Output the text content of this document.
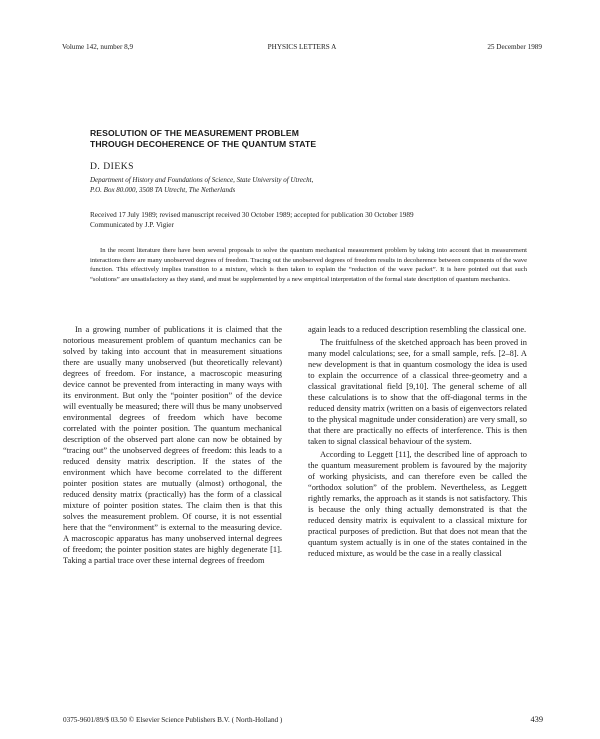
Volume 142, number 8,9	PHYSICS LETTERS A	25 December 1989
RESOLUTION OF THE MEASUREMENT PROBLEM
THROUGH DECOHERENCE OF THE QUANTUM STATE
D. DIEKS
Department of History and Foundations of Science, State University of Utrecht,
P.O. Box 80.000, 3508 TA Utrecht, The Netherlands
Received 17 July 1989; revised manuscript received 30 October 1989; accepted for publication 30 October 1989
Communicated by J.P. Vigier
In the recent literature there have been several proposals to solve the quantum mechanical measurement problem by taking into account that in measurement interactions there are many unobserved degrees of freedom. Tracing out the unobserved degrees of freedom results in decoherence between components of the wave function. This effectively implies transition to a mixture, which is then taken to explain the “reduction of the wave packet”. It is here pointed out that such “solutions” are unsatisfactory as they stand, and must be supplemented by a new empirical interpretation of the formal state description of quantum mechanics.

In a growing number of publications it is claimed that the notorious measurement problem of quantum mechanics can be solved by taking into account that in measurement situations there are usually many unobserved (but theoretically relevant) degrees of freedom. For instance, a macroscopic measuring device cannot be prevented from interacting in many ways with its environment. But only the “pointer position” of the device will eventually be measured; there will thus be many unobserved environmental degrees of freedom which have become correlated with the pointer position. The quantum mechanical description of the observed part alone can now be obtained by “tracing out” the unobserved degrees of freedom: this leads to a reduced density matrix description. If the states of the environment which have become correlated to the different pointer position states are mutually (almost) orthogonal, the reduced density matrix (practically) has the form of a classical mixture of pointer position states. The claim then is that this solves the measurement problem. Of course, it is not essential here that the “environment” is external to the measuring device. A macroscopic apparatus has many unobserved internal degrees of freedom; the pointer position states are highly degenerate [1]. Taking a partial trace over these internal degrees of freedom

again leads to a reduced description resembling the classical one.

The fruitfulness of the sketched approach has been proved in many model calculations; see, for a small sample, refs. [2–8]. A new development is that in quantum cosmology the idea is used to explain the occurrence of a classical three-geometry and a classical gravitational field [9,10]. The general scheme of all these calculations is to show that the off-diagonal terms in the reduced density matrix (written on a basis of eigenvectors related to the physical magnitude under consideration) are very small, so that there are practically no effects of interference. This is then taken to signal classical behaviour of the system.

According to Leggett [11], the described line of approach to the quantum measurement problem is favoured by the majority of working physicists, and can therefore even be called the “orthodox solution” of the problem. Nevertheless, as Leggett rightly remarks, the approach as it stands is not satisfactory. This is because the only thing actually demonstrated is that the reduced density matrix is equivalent to a classical mixture for practical purposes of prediction. But that does not mean that the quantum system actually is in one of the states contained in the reduced mixture, as would be the case in a really classical

0375-9601/89/$ 03.50 © Elsevier Science Publishers B.V. ( North-Holland )	439
